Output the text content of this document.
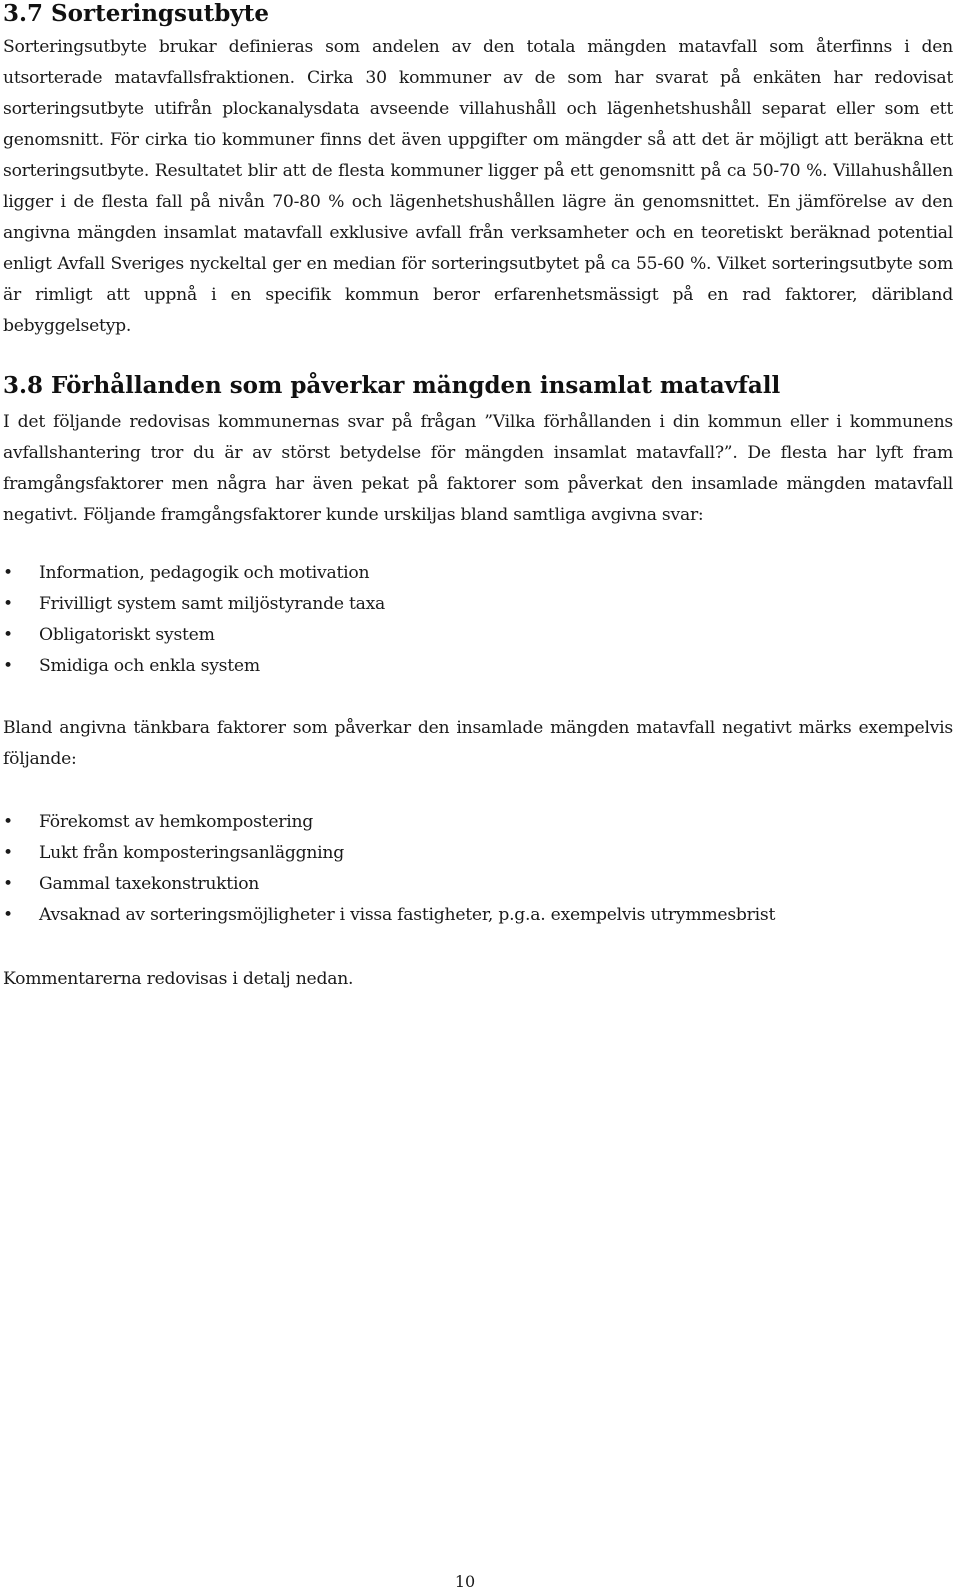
3.7 Sorteringsutbyte

Sorteringsutbyte brukar definieras som andelen av den totala mängden matavfall som återfinns i den utsorterade matavfallsfraktionen. Cirka 30 kommuner av de som har svarat på enkäten har redovisat sorteringsutbyte utifrån plockanalysdata avseende villahushåll och lägenhetshushåll separat eller som ett genomsnitt. För cirka tio kommuner finns det även uppgifter om mängder så att det är möjligt att beräkna ett sorteringsutbyte. Resultatet blir att de flesta kommuner ligger på ett genomsnitt på ca 50-70 %. Villahushållen ligger i de flesta fall på nivån 70-80 % och lägenhetshushållen lägre än genomsnittet. En jämförelse av den angivna mängden insamlat matavfall exklusive avfall från verksamheter och en teoretiskt beräknad potential enligt Avfall Sveriges nyckeltal ger en median för sorteringsutbytet på ca 55-60 %. Vilket sorteringsutbyte som är rimligt att uppnå i en specifik kommun beror erfarenhetsmässigt på en rad faktorer, däribland bebyggelsetyp.

3.8 Förhållanden som påverkar mängden insamlat matavfall

I det följande redovisas kommunernas svar på frågan ”Vilka förhållanden i din kommun eller i kommunens avfallshantering tror du är av störst betydelse för mängden insamlat matavfall?”. De flesta har lyft fram framgångsfaktorer men några har även pekat på faktorer som påverkat den insamlade mängden matavfall negativt. Följande framgångsfaktorer kunde urskiljas bland samtliga avgivna svar:

•	Information, pedagogik och motivation
•	Frivilligt system samt miljöstyrande taxa
•	Obligatoriskt system
•	Smidiga och enkla system

Bland angivna tänkbara faktorer som påverkar den insamlade mängden matavfall negativt märks exempelvis följande:

•	Förekomst av hemkompostering
•	Lukt från komposteringsanläggning
•	Gammal taxekonstruktion
•	Avsaknad av sorteringsmöjligheter i vissa fastigheter, p.g.a. exempelvis utrymmesbrist

Kommentarerna redovisas i detalj nedan.

10
